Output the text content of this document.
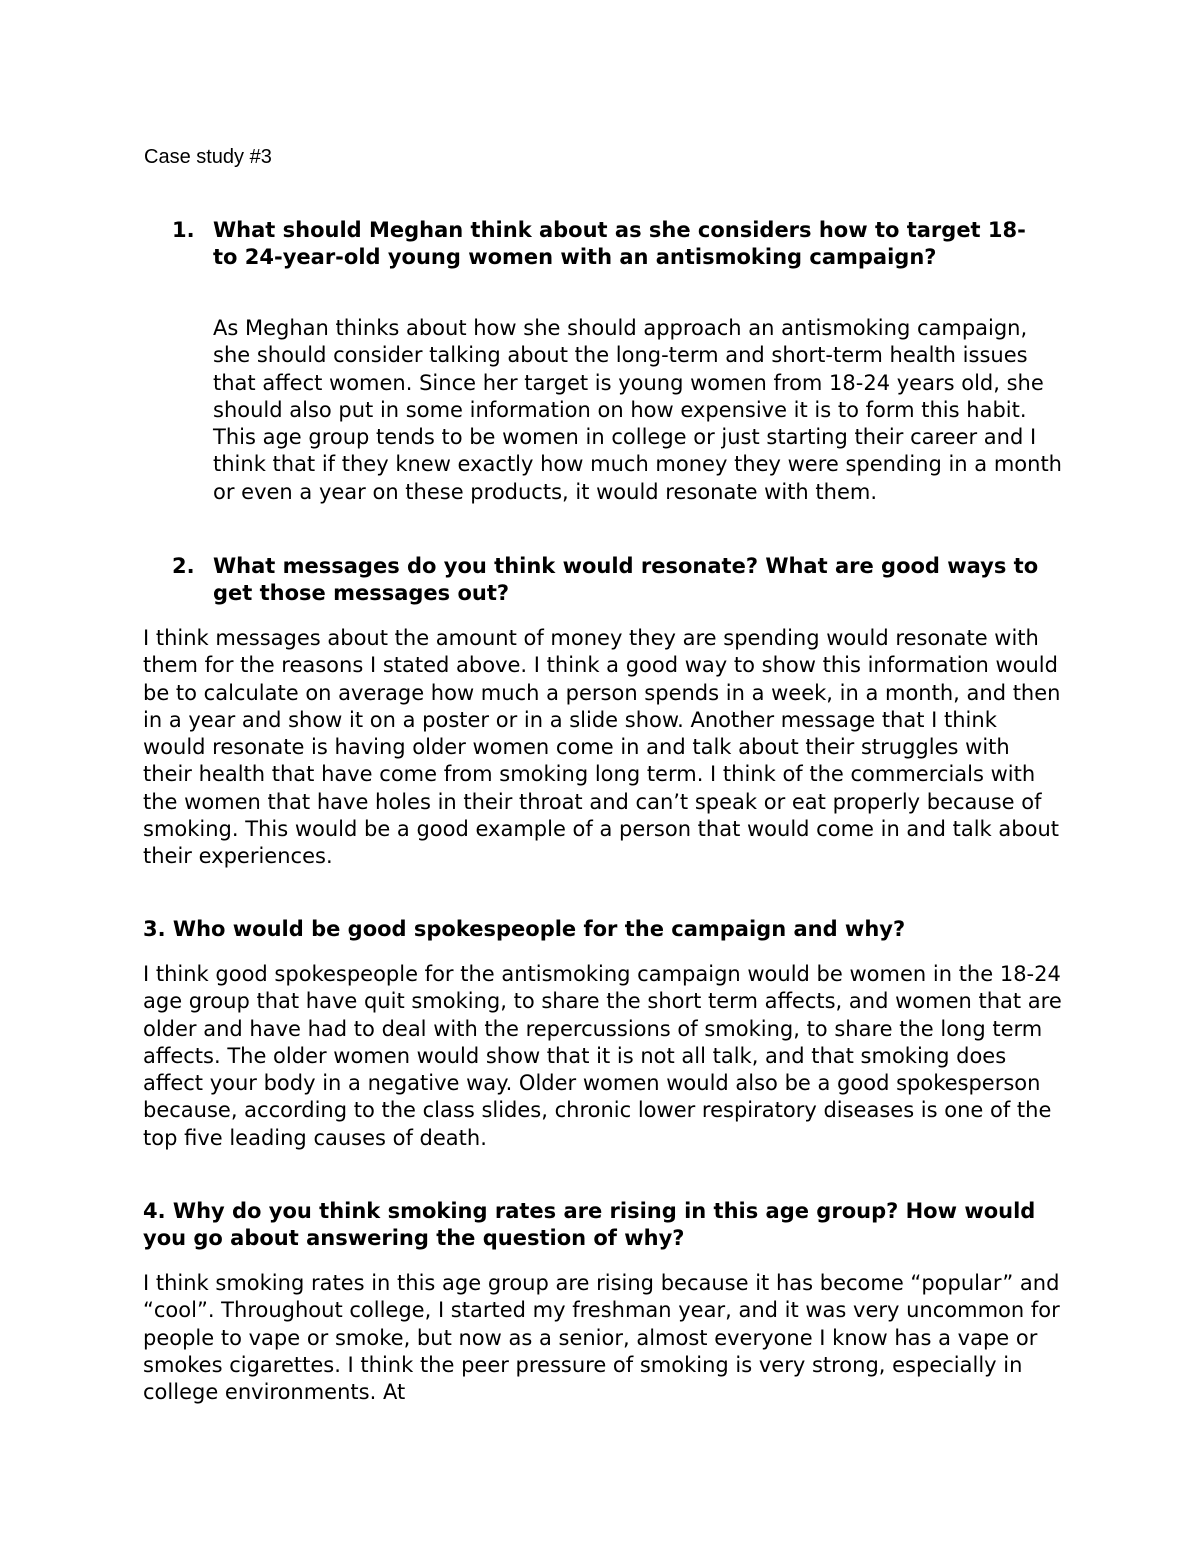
Case study #3

1. What should Meghan think about as she considers how to target 18- to 24-year-old young women with an antismoking campaign?

As Meghan thinks about how she should approach an antismoking campaign, she should consider talking about the long-term and short-term health issues that affect women. Since her target is young women from 18-24 years old, she should also put in some information on how expensive it is to form this habit. This age group tends to be women in college or just starting their career and I think that if they knew exactly how much money they were spending in a month or even a year on these products, it would resonate with them.

2. What messages do you think would resonate? What are good ways to get those messages out?

I think messages about the amount of money they are spending would resonate with them for the reasons I stated above. I think a good way to show this information would be to calculate on average how much a person spends in a week, in a month, and then in a year and show it on a poster or in a slide show. Another message that I think would resonate is having older women come in and talk about their struggles with their health that have come from smoking long term. I think of the commercials with the women that have holes in their throat and can’t speak or eat properly because of smoking. This would be a good example of a person that would come in and talk about their experiences.

3. Who would be good spokespeople for the campaign and why?

I think good spokespeople for the antismoking campaign would be women in the 18-24 age group that have quit smoking, to share the short term affects, and women that are older and have had to deal with the repercussions of smoking, to share the long term affects. The older women would show that it is not all talk, and that smoking does affect your body in a negative way. Older women would also be a good spokesperson because, according to the class slides, chronic lower respiratory diseases is one of the top five leading causes of death.

4. Why do you think smoking rates are rising in this age group? How would you go about answering the question of why?

I think smoking rates in this age group are rising because it has become “popular” and “cool”. Throughout college, I started my freshman year, and it was very uncommon for people to vape or smoke, but now as a senior, almost everyone I know has a vape or smokes cigarettes. I think the peer pressure of smoking is very strong, especially in college environments. At
